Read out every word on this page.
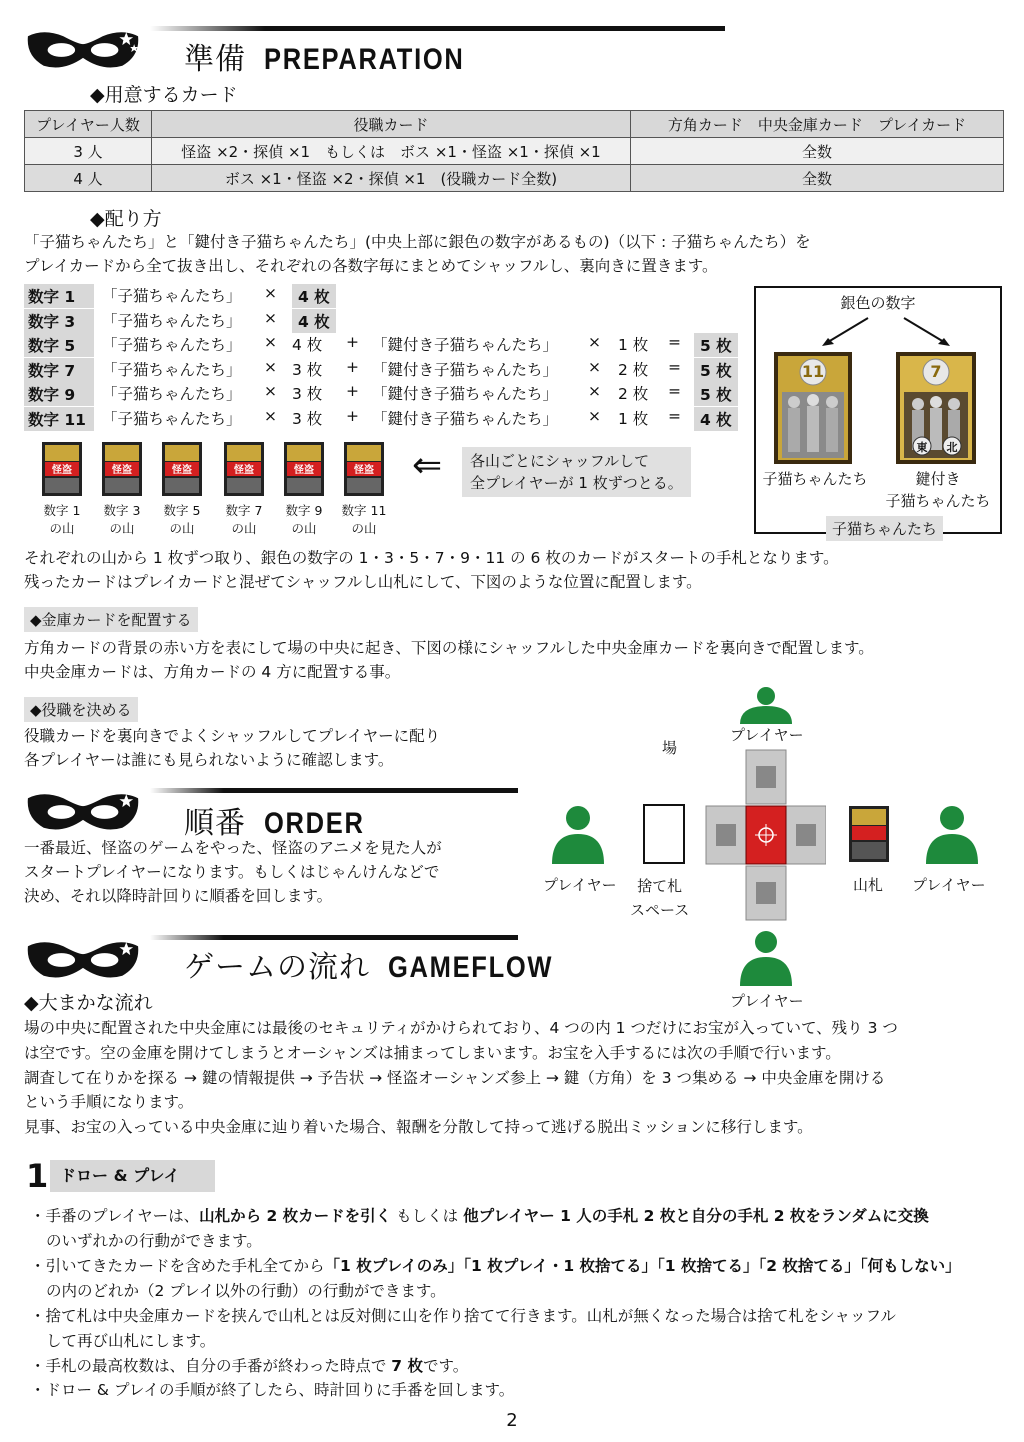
準備 PREPARATION
◆用意するカード
プレイヤー人数	役職カード	方角カード　中央金庫カード　プレイカード
3 人	怪盗 ×2・探偵 ×1　もしくは　ボス ×1・怪盗 ×1・探偵 ×1	全数
4 人	ボス ×1・怪盗 ×2・探偵 ×1　(役職カード全数)	全数
◆配り方
「子猫ちゃんたち」と「鍵付き子猫ちゃんたち」(中央上部に銀色の数字があるもの)（以下 : 子猫ちゃんたち）を
プレイカードから全て抜き出し、それぞれの各数字毎にまとめてシャッフルし、裏向きに置きます。
数字 1	「子猫ちゃんたち」 ×	4 枚
数字 3	「子猫ちゃんたち」 ×	4 枚
数字 5	「子猫ちゃんたち」 × 4 枚 + 「鍵付き子猫ちゃんたち」 × 1 枚 =	5 枚
数字 7	「子猫ちゃんたち」 × 3 枚 + 「鍵付き子猫ちゃんたち」 × 2 枚 =	5 枚
数字 9	「子猫ちゃんたち」 × 3 枚 + 「鍵付き子猫ちゃんたち」 × 2 枚 =	5 枚
数字 11	「子猫ちゃんたち」 × 3 枚 + 「鍵付き子猫ちゃんたち」 × 1 枚 =	4 枚
怪盗
数字 1
の山
怪盗
数字 3
の山
怪盗
数字 5
の山
怪盗
数字 7
の山
怪盗
数字 9
の山
怪盗
数字 11
の山
⇐ 各山ごとにシャッフルして
全プレイヤーが 1 枚ずつとる。
銀色の数字
11	7
東	北
子猫ちゃんたち	鍵付き
子猫ちゃんたち
子猫ちゃんたち
それぞれの山から 1 枚ずつ取り、銀色の数字の 1・3・5・7・9・11 の 6 枚のカードがスタートの手札となります。
残ったカードはプレイカードと混ぜてシャッフルし山札にして、下図のような位置に配置します。
◆金庫カードを配置する
方角カードの背景の赤い方を表にして場の中央に起き、下図の様にシャッフルした中央金庫カードを裏向きで配置します。
中央金庫カードは、方角カードの 4 方に配置する事。
◆役職を決める
役職カードを裏向きでよくシャッフルしてプレイヤーに配り
各プレイヤーは誰にも見られないように確認します。
順番 ORDER
一番最近、怪盗のゲームをやった、怪盗のアニメを見た人が
スタートプレイヤーになります。もしくはじゃんけんなどで
決め、それ以降時計回りに順番を回します。
場
プレイヤー
プレイヤー	捨て札
スペース
山札 プレイヤー
プレイヤー
ゲームの流れ GAMEFLOW
◆大まかな流れ
場の中央に配置された中央金庫には最後のセキュリティがかけられており、4 つの内 1 つだけにお宝が入っていて、残り 3 つ
は空です。空の金庫を開けてしまうとオーシャンズは捕まってしまいます。お宝を入手するには次の手順で行います。
調査して在りかを探る → 鍵の情報提供 → 予告状 → 怪盗オーシャンズ参上 → 鍵（方角）を 3 つ集める → 中央金庫を開ける
という手順になります。
見事、お宝の入っている中央金庫に辿り着いた場合、報酬を分散して持って逃げる脱出ミッションに移行します。
1 ドロー & プレイ
・手番のプレイヤーは、山札から 2 枚カードを引く もしくは 他プレイヤー 1 人の手札 2 枚と自分の手札 2 枚をランダムに交換
のいずれかの行動ができます。
・引いてきたカードを含めた手札全てから「1 枚プレイのみ」「1 枚プレイ・1 枚捨てる」「1 枚捨てる」「2 枚捨てる」「何もしない」
の内のどれか（2 プレイ以外の行動）の行動ができます。
・捨て札は中央金庫カードを挟んで山札とは反対側に山を作り捨てて行きます。山札が無くなった場合は捨て札をシャッフル
して再び山札にします。
・手札の最高枚数は、自分の手番が終わった時点で 7 枚です。
・ドロー & プレイの手順が終了したら、時計回りに手番を回します。
2
